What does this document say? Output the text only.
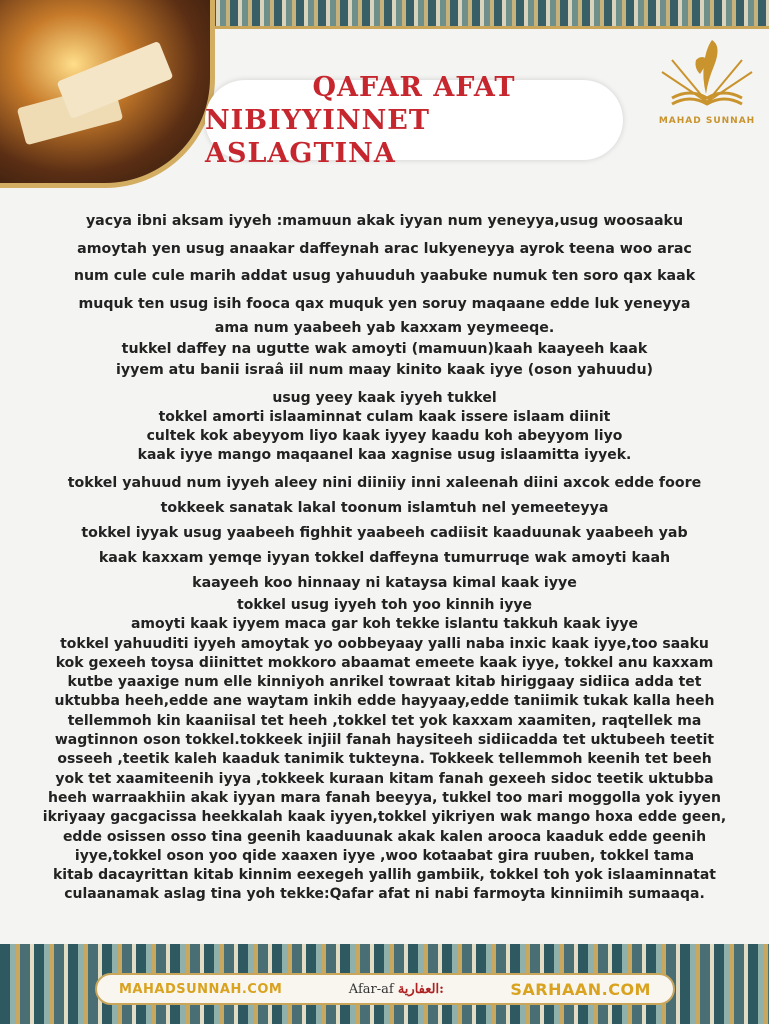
MAHAD SUNNAH
QAFAR AFAT
NIBIYYINNET ASLAGTINA
yacya ibni aksam iyyeh :mamuun akak iyyan num yeneyya,usug woosaaku
amoytah yen usug anaakar daffeynah arac lukyeneyya ayrok teena woo arac
num cule cule marih addat usug yahuuduh yaabuke numuk ten soro qax kaak
muquk ten usug isih fooca qax muquk yen soruy maqaane edde luk yeneyya
ama num yaabeeh yab kaxxam yeymeeqe.
tukkel daffey na ugutte wak amoyti (mamuun)kaah kaayeeh kaak
iyyem atu banii israâ iil num maay kinito kaak iyye (oson yahuudu)
usug yeey kaak iyyeh tukkel
tokkel amorti islaaminnat culam kaak issere islaam diinit
cultek kok abeyyom liyo kaak iyyey kaadu koh abeyyom liyo
kaak iyye mango maqaanel kaa xagnise usug islaamitta iyyek.
tokkel yahuud num iyyeh aleey nini diiniiy inni xaleenah diini axcok edde foore
tokkeek sanatak lakal toonum islamtuh nel yemeeteyya
tokkel iyyak usug yaabeeh fighhit yaabeeh cadiisit kaaduunak yaabeeh yab
kaak kaxxam yemqe iyyan tokkel daffeyna tumurruqe wak amoyti kaah
kaayeeh koo hinnaay ni kataysa kimal kaak iyye
tokkel usug iyyeh toh yoo kinnih iyye
amoyti kaak iyyem maca gar koh tekke islantu takkuh kaak iyye
tokkel yahuuditi iyyeh amoytak yo oobbeyaay yalli naba inxic kaak iyye,too saaku
kok gexeeh toysa diinittet mokkoro abaamat emeete kaak iyye, tokkel anu kaxxam
kutbe yaaxige num elle kinniyoh anrikel towraat kitab hiriggaay sidiica adda tet
uktubba heeh,edde ane waytam inkih edde hayyaay,edde taniimik tukak kalla heeh
tellemmoh kin kaaniisal tet heeh ,tokkel tet yok kaxxam xaamiten, raqtellek ma
wagtinnon oson tokkel.tokkeek injiil fanah haysiteeh sidiicadda tet uktubeeh teetit
osseeh ,teetik kaleh kaaduk tanimik tukteyna. Tokkeek tellemmoh keenih tet beeh
yok tet xaamiteenih iyya ,tokkeek kuraan kitam fanah gexeeh sidoc teetik uktubba
heeh warraakhiin akak iyyan mara fanah beeyya, tukkel too mari moggolla yok iyyen
ikriyaay gacgacissa heekkalah kaak iyyen,tokkel yikriyen wak mango hoxa edde geen,
edde osissen osso tina geenih kaaduunak akak kalen arooca kaaduk edde geenih
iyye,tokkel oson yoo qide xaaxen iyye ,woo kotaabat gira ruuben, tokkel tama
kitab dacayrittan kitab kinnim eexegeh yallih gambiik, tokkel toh yok islaaminnatat
culaanamak aslag tina yoh tekke:Qafar afat ni nabi farmoyta kinniimih sumaaqa.
MAHADSUNNAH.COM	Afar-af العفارية:	SARHAAN.COM
